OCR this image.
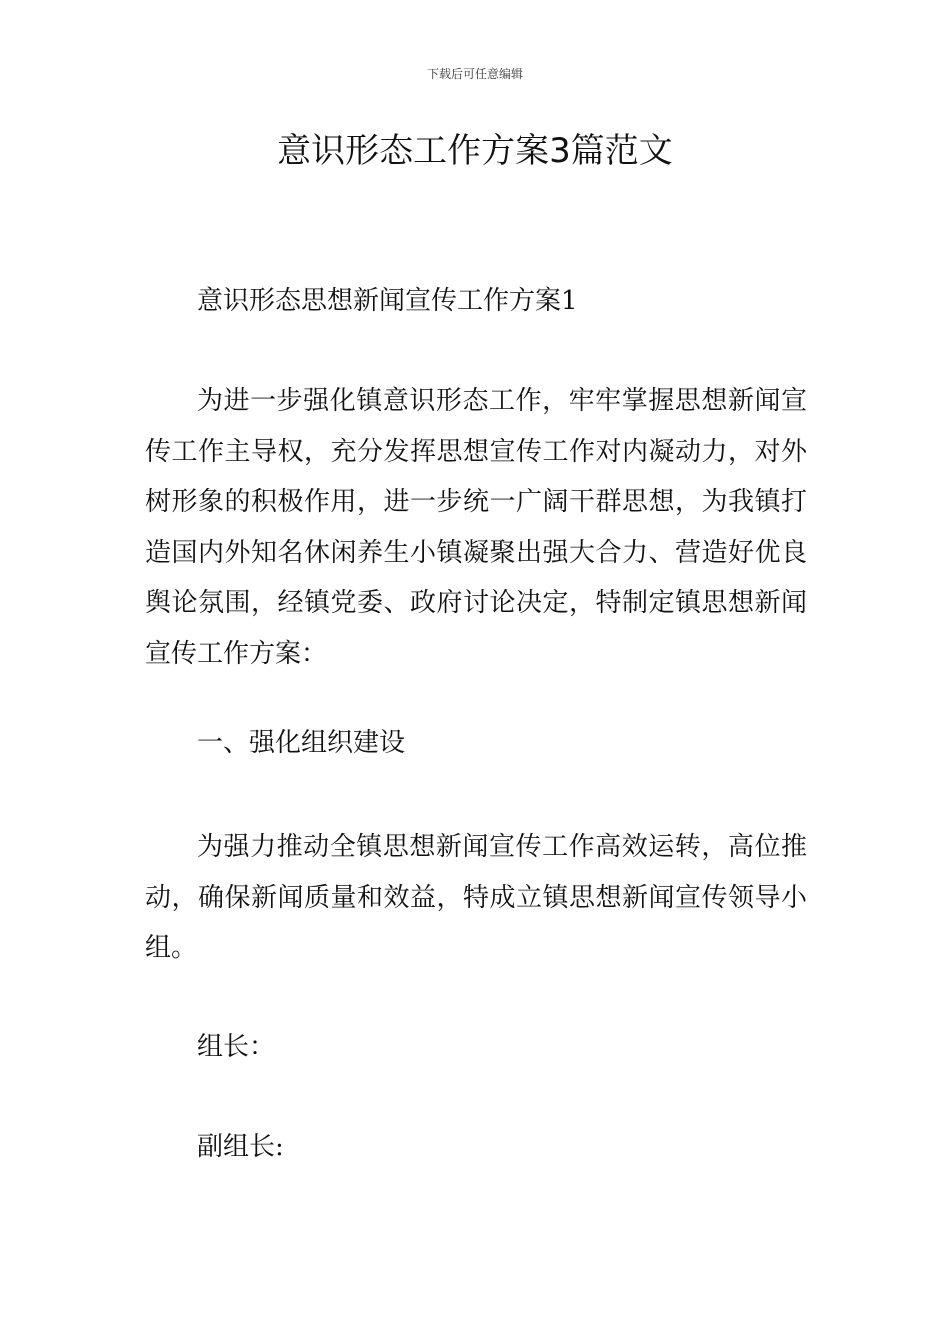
下载后可任意编辑
意识形态工作方案3篇范文

意识形态思想新闻宣传工作方案1

为进一步强化镇意识形态工作，牢牢掌握思想新闻宣传工作主导权，充分发挥思想宣传工作对内凝动力，对外树形象的积极作用，进一步统一广阔干群思想，为我镇打造国内外知名休闲养生小镇凝聚出强大合力、营造好优良舆论氛围，经镇党委、政府讨论决定，特制定镇思想新闻宣传工作方案：

一、强化组织建设

为强力推动全镇思想新闻宣传工作高效运转，高位推动，确保新闻质量和效益，特成立镇思想新闻宣传领导小组。

组长：

副组长:
